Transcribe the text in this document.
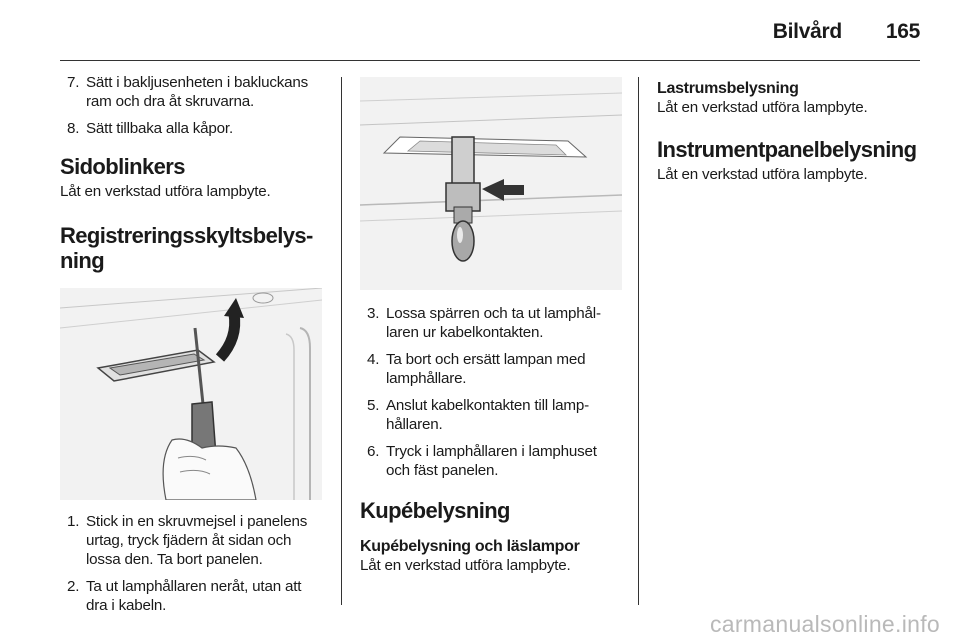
Bilvård 165
7. Sätt i bakljusenheten i bakluckans ram och dra åt skruvarna.
8. Sätt tillbaka alla kåpor.
Sidoblinkers

Låt en verkstad utföra lampbyte.

Registreringsskyltsbelys-
ning
1. Stick in en skruvmejsel i panelens urtag, tryck fjädern åt sidan och lossa den. Ta bort panelen.
2. Ta ut lamphållaren neråt, utan att dra i kabeln.
3. Lossa spärren och ta ut lamphållaren ur kabelkontakten.
4. Ta bort och ersätt lampan med lamphållare.
5. Anslut kabelkontakten till lamphållaren.
6. Tryck i lamphållaren i lamphuset och fäst panelen.
Kupébelysning
Kupébelysning och läslampor

Låt en verkstad utföra lampbyte.

Lastrumsbelysning

Låt en verkstad utföra lampbyte.

Instrumentpanelbelysning

Låt en verkstad utföra lampbyte.

carmanualsonline.info
